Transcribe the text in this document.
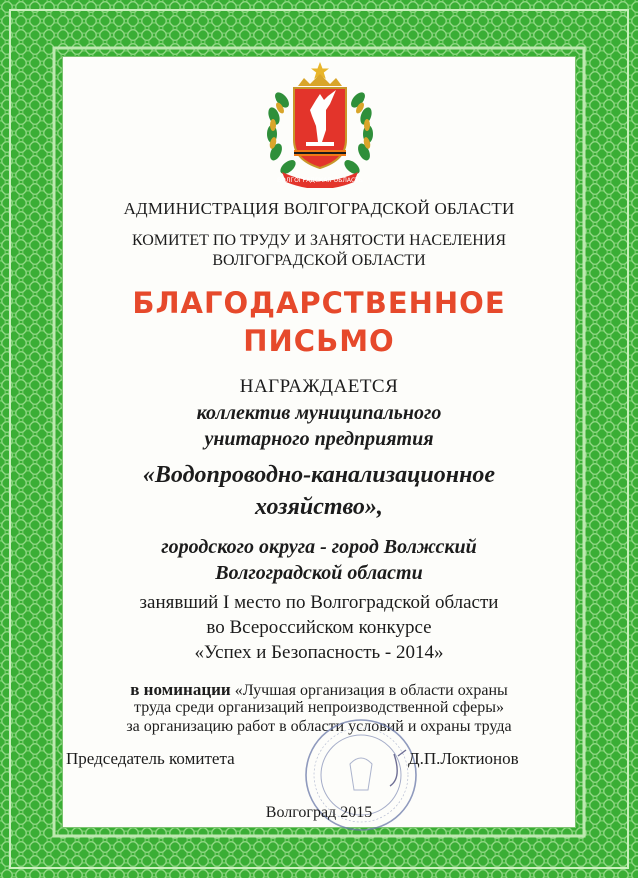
ВОЛГОГРАДСКАЯ ОБЛАСТЬ

АДМИНИСТРАЦИЯ ВОЛГОГРАДСКОЙ ОБЛАСТИ

КОМИТЕТ ПО ТРУДУ И ЗАНЯТОСТИ НАСЕЛЕНИЯ

ВОЛГОГРАДСКОЙ ОБЛАСТИ

БЛАГОДАРСТВЕННОЕ

ПИСЬМО

НАГРАЖДАЕТСЯ

коллектив муниципального

унитарного предприятия

«Водопроводно-канализационное

хозяйство»,

городского округа - город Волжский

Волгоградской области

занявший I место по Волгоградской области

во Всероссийском конкурсе

«Успех и Безопасность - 2014»

в номинации «Лучшая организация в области охраны

труда среди организаций непроизводственной сферы»

за организацию работ в области условий и охраны труда

Председатель комитета	Д.П.Локтионов

Волгоград 2015
